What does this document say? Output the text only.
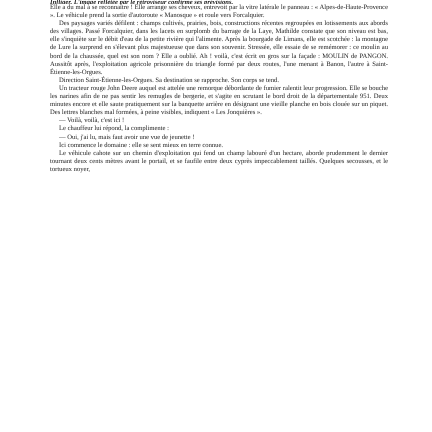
Infliger. L'image reflétée par le rétroviseur confirme ses prévisions.

Elle a du mal à se reconnaître ! Elle arrange ses cheveux, entrevoit par la vitre latérale le panneau : « Alpes-de-Haute-Provence ». Le véhicule prend la sortie d'autoroute « Manosque » et roule vers Forcalquier.

Des paysages variés défilent : champs cultivés, prairies, bois, constructions récentes regroupées en lotissements aux abords des villages. Passé Forcalquier, dans les lacets en surplomb du barrage de la Laye, Mathilde constate que son niveau est bas, elle s'inquiète sur le débit d'eau de la petite rivière qui l'alimente. Après la bourgade de Limans, elle est scotchée : la montagne de Lure la surprend en s'élevant plus majestueuse que dans son souvenir. Stressée, elle essaie de se remémorer : ce moulin au bord de la chaussée, quel est son nom ? Elle a oublié. Ah ! voilà, c'est écrit en gros sur la façade : MOULIN de PANGON. Aussitôt après, l'exploitation agricole prisonnière du triangle formé par deux routes, l'une menant à Banon, l'autre à Saint-Étienne-les-Orgues.

Direction Saint-Étienne-les-Orgues. Sa destination se rapproche. Son corps se tend.

Un tracteur rouge John Deere auquel est attelée une remorque débordante de fumier ralentit leur progression. Elle se bouche les narines afin de ne pas sentir les remugles de bergerie, et s'agite en scrutant le bord droit de la départementale 951. Deux minutes encore et elle saute pratiquement sur la banquette arrière en désignant une vieille planche en bois clouée sur un piquet. Des lettres blanches mal formées, à peine visibles, indiquent « Les Jonquières ».

— Voilà, voilà, c'est ici !

Le chauffeur lui répond, la complimente :

— Oui, j'ai lu, mais faut avoir une vue de jeunette !

Ici commence le domaine : elle se sent mieux en terre connue.

Le véhicule cahote sur un chemin d'exploitation qui fend un champ labouré d'un hectare, aborde prudemment le dernier tournant deux cents mètres avant le portail, et se faufile entre deux cyprès impeccablement taillés. Quelques secousses, et le tortueux noyer,
